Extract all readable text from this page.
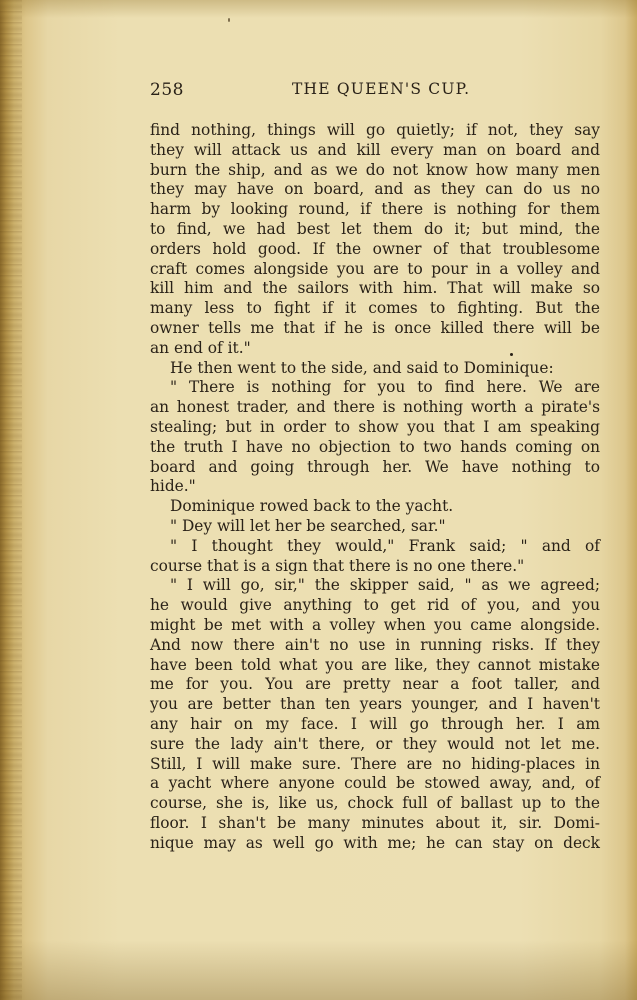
258	THE QUEEN'S CUP.
find nothing, things will go quietly; if not, they say
they will attack us and kill every man on board and
burn the ship, and as we do not know how many men
they may have on board, and as they can do us no
harm by looking round, if there is nothing for them
to find, we had best let them do it; but mind, the
orders hold good. If the owner of that troublesome
craft comes alongside you are to pour in a volley and
kill him and the sailors with him. That will make so
many less to fight if it comes to fighting. But the
owner tells me that if he is once killed there will be
an end of it."
He then went to the side, and said to Dominique:
" There is nothing for you to find here. We are
an honest trader, and there is nothing worth a pirate's
stealing; but in order to show you that I am speaking
the truth I have no objection to two hands coming on
board and going through her. We have nothing to
hide."
Dominique rowed back to the yacht.
" Dey will let her be searched, sar."
" I thought they would," Frank said; " and of
course that is a sign that there is no one there."
" I will go, sir," the skipper said, " as we agreed;
he would give anything to get rid of you, and you
might be met with a volley when you came alongside.
And now there ain't no use in running risks. If they
have been told what you are like, they cannot mistake
me for you. You are pretty near a foot taller, and
you are better than ten years younger, and I haven't
any hair on my face. I will go through her. I am
sure the lady ain't there, or they would not let me.
Still, I will make sure. There are no hiding-places in
a yacht where anyone could be stowed away, and, of
course, she is, like us, chock full of ballast up to the
floor. I shan't be many minutes about it, sir. Domi-
nique may as well go with me; he can stay on deck
